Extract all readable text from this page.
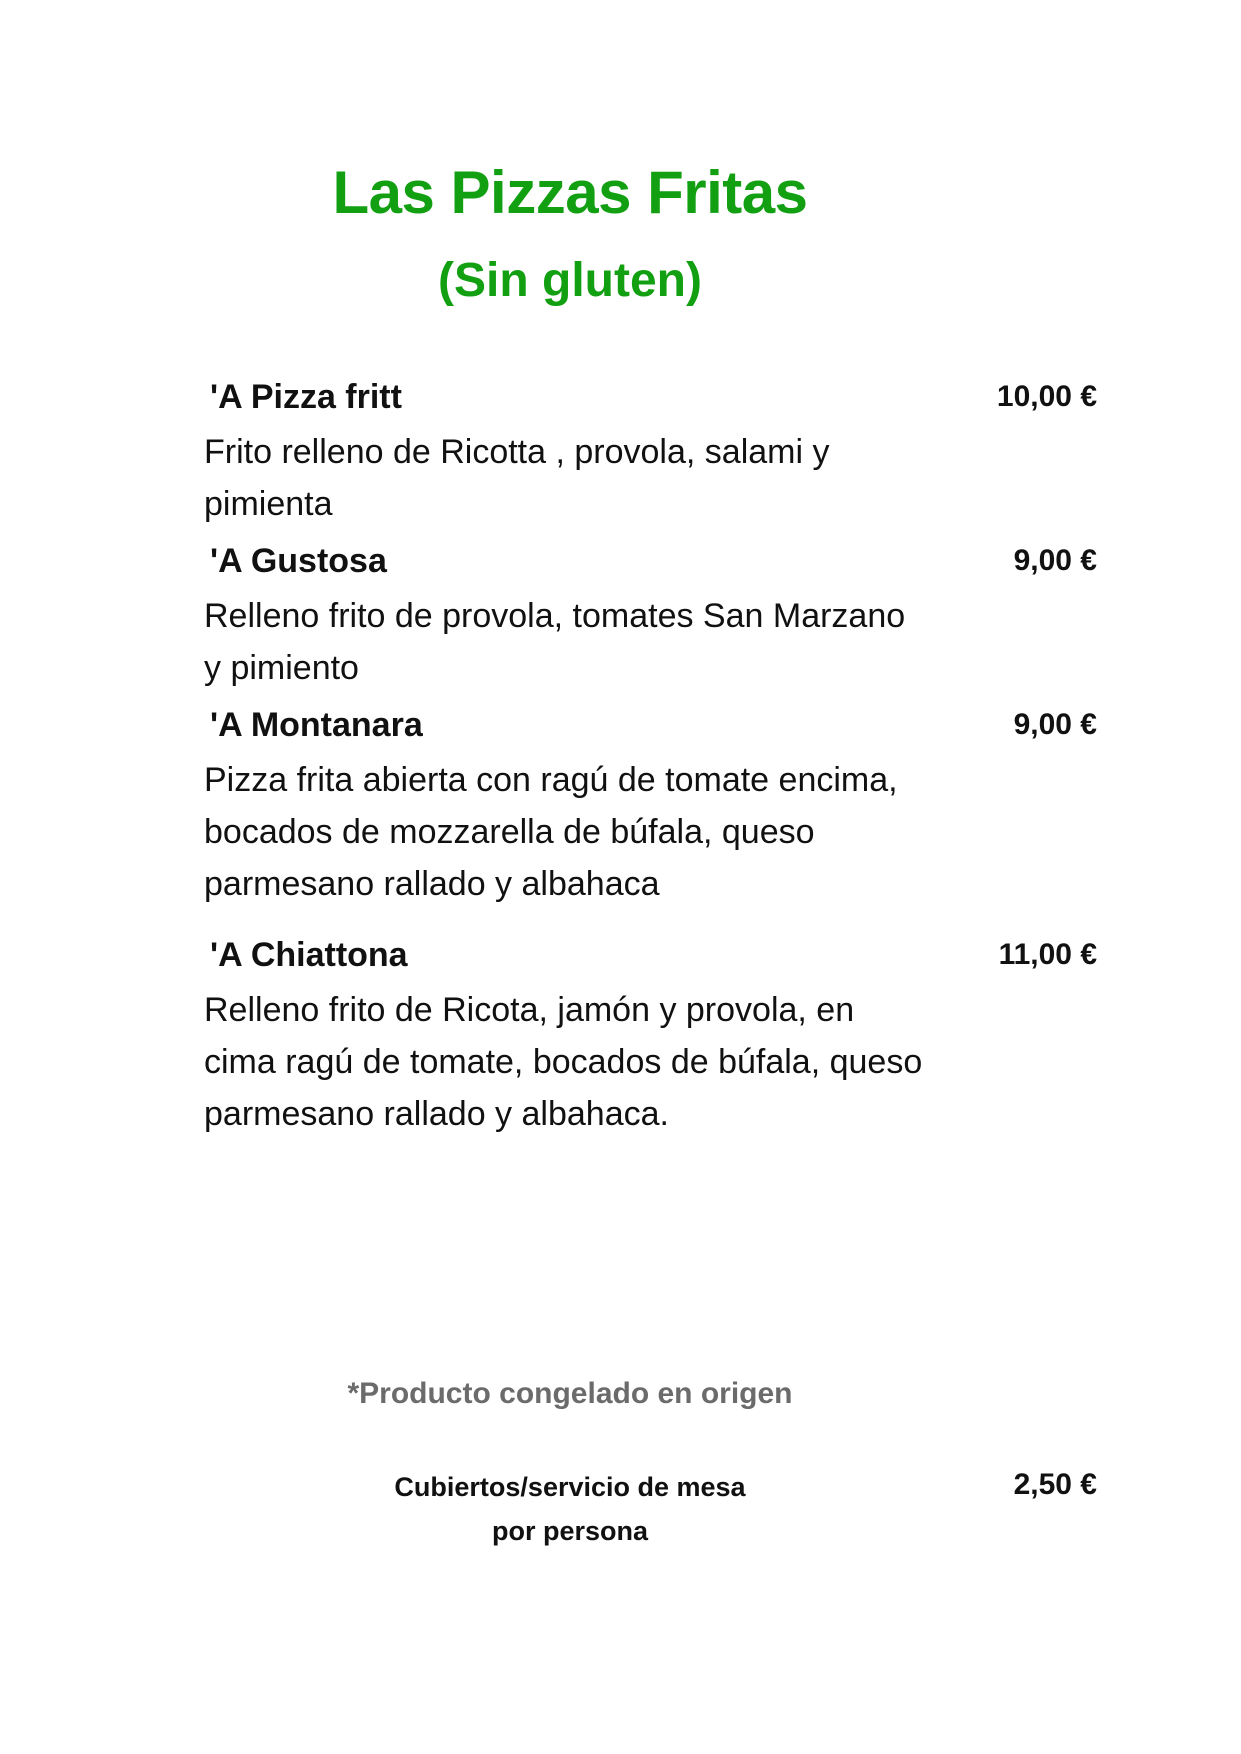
Las Pizzas Fritas
(Sin gluten)
'A Pizza fritt	10,00 €

Frito relleno de Ricotta , provola, salami y pimienta

'A Gustosa	9,00 €

Relleno frito de provola, tomates San Marzano y pimiento

'A Montanara	9,00 €

Pizza frita abierta con ragú de tomate encima, bocados de mozzarella de búfala, queso parmesano rallado y albahaca

'A Chiattona	11,00 €

Relleno frito de Ricota, jamón y provola, en cima ragú de tomate, bocados de búfala, queso parmesano rallado y albahaca.

*Producto congelado en origen
Cubiertos/servicio de mesa
por persona
2,50 €
